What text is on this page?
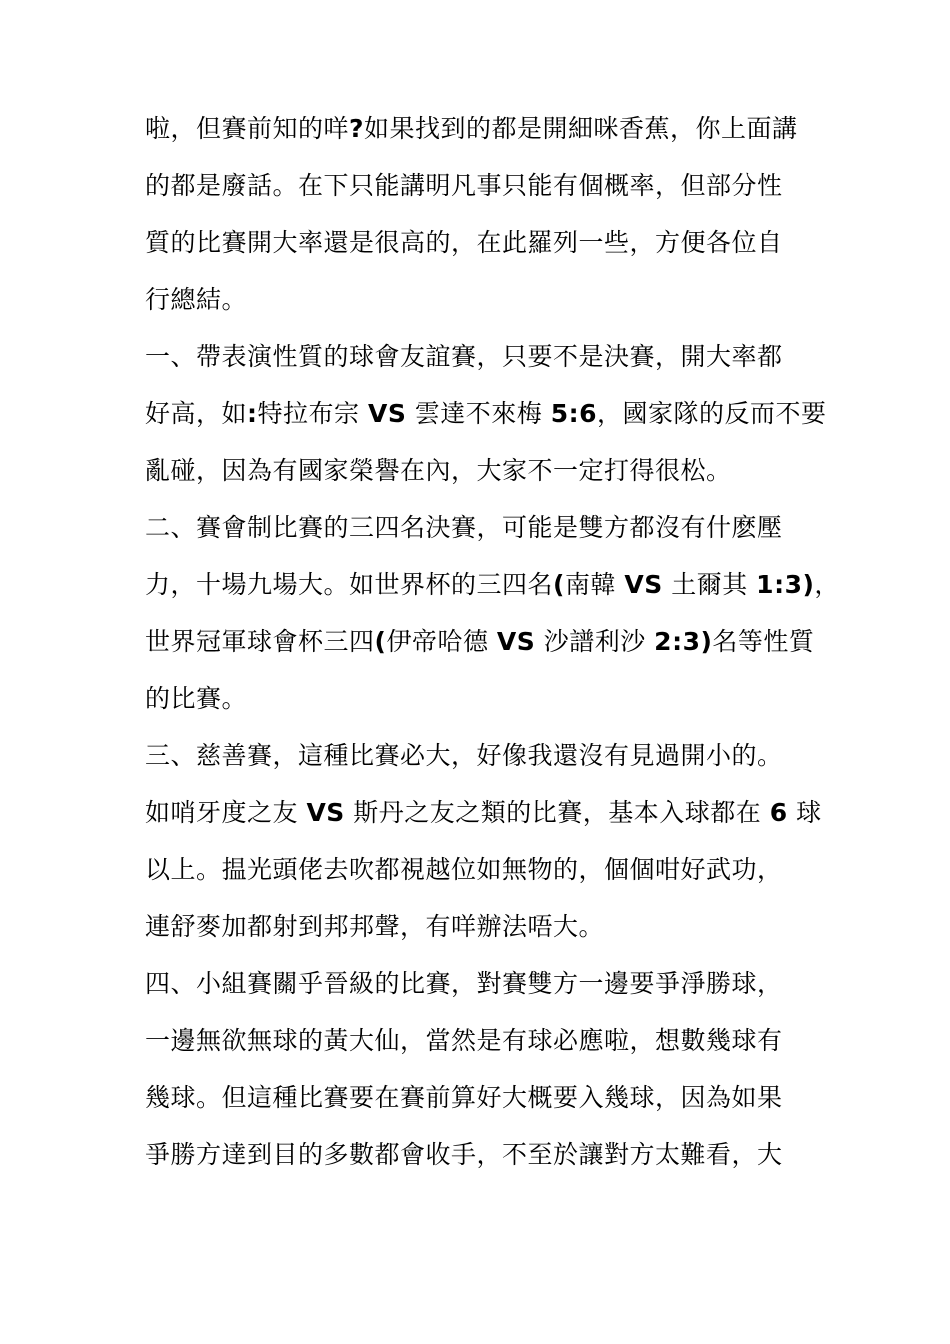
啦，但賽前知的咩?如果找到的都是開細咪香蕉，你上面講
的都是廢話。在下只能講明凡事只能有個概率，但部分性
質的比賽開大率還是很高的，在此羅列一些，方便各位自
行總結。
一、帶表演性質的球會友誼賽，只要不是決賽，開大率都
好高，如:特拉布宗 VS 雲達不來梅 5:6，國家隊的反而不要
亂碰，因為有國家榮譽在內，大家不一定打得很松。
二、賽會制比賽的三四名決賽，可能是雙方都沒有什麽壓
力，十場九場大。如世界杯的三四名(南韓 VS 土爾其 1:3)，
世界冠軍球會杯三四(伊帝哈德 VS 沙譜利沙 2:3)名等性質
的比賽。
三、慈善賽，這種比賽必大，好像我還沒有見過開小的。
如哨牙度之友 VS 斯丹之友之類的比賽，基本入球都在 6 球
以上。揾光頭佬去吹都視越位如無物的，個個咁好武功，
連舒麥加都射到邦邦聲，有咩辦法唔大。
四、小組賽關乎晉級的比賽，對賽雙方一邊要爭淨勝球，
一邊無欲無球的黃大仙，當然是有球必應啦，想數幾球有
幾球。但這種比賽要在賽前算好大概要入幾球，因為如果
爭勝方達到目的多數都會收手，不至於讓對方太難看，大
